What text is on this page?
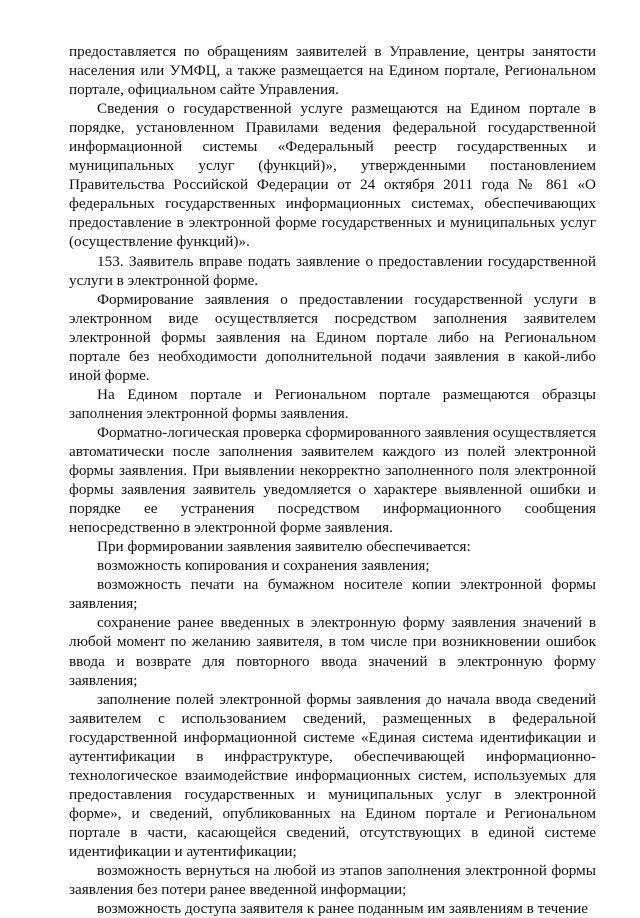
предоставляется по обращениям заявителей в Управление, центры занятости населения или УМФЦ, а также размещается на Едином портале, Региональном портале, официальном сайте Управления.

Сведения о государственной услуге размещаются на Едином портале в порядке, установленном Правилами ведения федеральной государственной информационной системы «Федеральный реестр государственных и муниципальных услуг (функций)», утвержденными постановлением Правительства Российской Федерации от 24 октября 2011 года № 861 «О федеральных государственных информационных системах, обеспечивающих предоставление в электронной форме государственных и муниципальных услуг (осуществление функций)».

153. Заявитель вправе подать заявление о предоставлении государственной услуги в электронной форме.

Формирование заявления о предоставлении государственной услуги в электронном виде осуществляется посредством заполнения заявителем электронной формы заявления на Едином портале либо на Региональном портале без необходимости дополнительной подачи заявления в какой-либо иной форме.

На Едином портале и Региональном портале размещаются образцы заполнения электронной формы заявления.

Форматно-логическая проверка сформированного заявления осуществляется автоматически после заполнения заявителем каждого из полей электронной формы заявления. При выявлении некорректно заполненного поля электронной формы заявления заявитель уведомляется о характере выявленной ошибки и порядке ее устранения посредством информационного сообщения непосредственно в электронной форме заявления.

При формировании заявления заявителю обеспечивается:

возможность копирования и сохранения заявления;

возможность печати на бумажном носителе копии электронной формы заявления;

сохранение ранее введенных в электронную форму заявления значений в любой момент по желанию заявителя, в том числе при возникновении ошибок ввода и возврате для повторного ввода значений в электронную форму заявления;

заполнение полей электронной формы заявления до начала ввода сведений заявителем с использованием сведений, размещенных в федеральной государственной информационной системе «Единая система идентификации и аутентификации в инфраструктуре, обеспечивающей информационно-технологическое взаимодействие информационных систем, используемых для предоставления государственных и муниципальных услуг в электронной форме», и сведений, опубликованных на Едином портале и Региональном портале в части, касающейся сведений, отсутствующих в единой системе идентификации и аутентификации;

возможность вернуться на любой из этапов заполнения электронной формы заявления без потери ранее введенной информации;

возможность доступа заявителя к ранее поданным им заявлениям в течение
